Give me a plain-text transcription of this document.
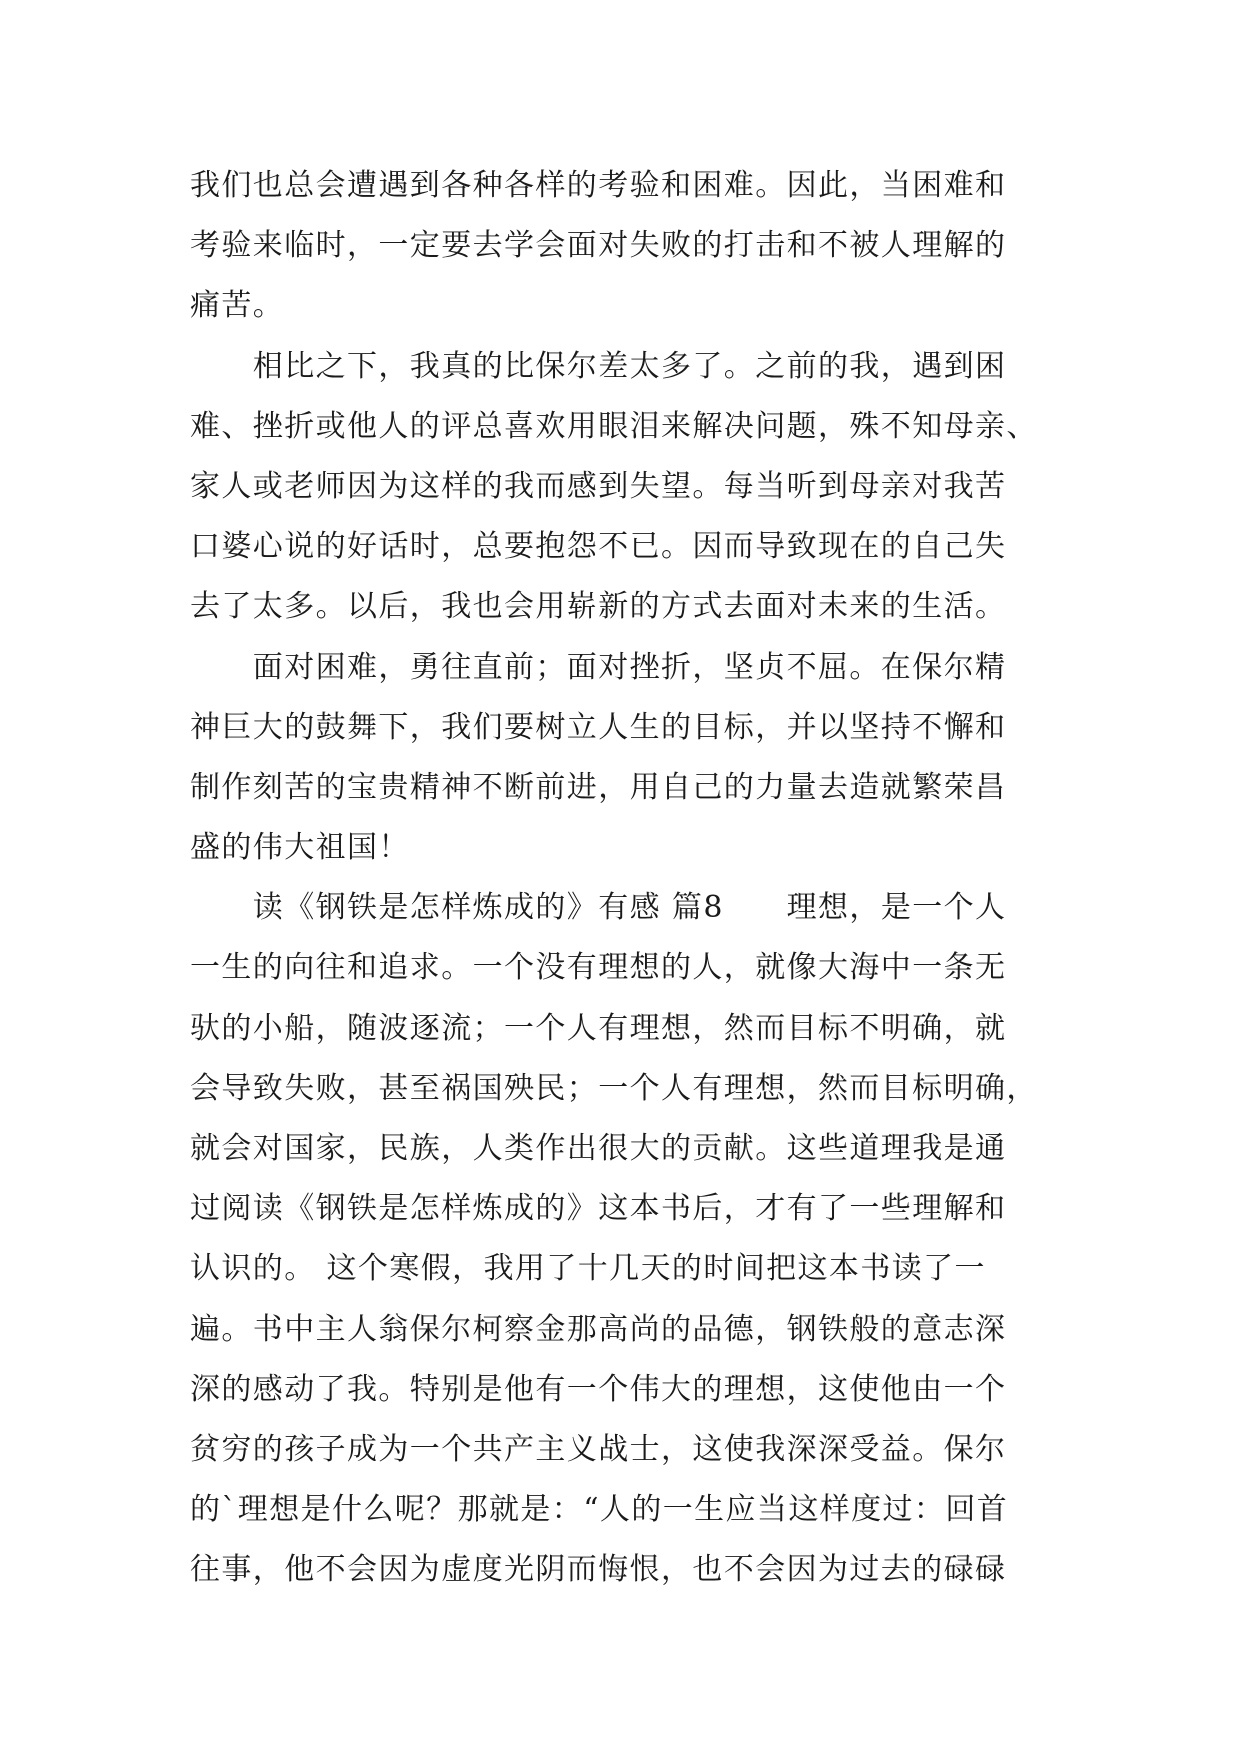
我们也总会遭遇到各种各样的考验和困难。因此，当困难和
考验来临时，一定要去学会面对失败的打击和不被人理解的
痛苦。
　　相比之下，我真的比保尔差太多了。之前的我，遇到困
难、挫折或他人的评总喜欢用眼泪来解决问题，殊不知母亲、
家人或老师因为这样的我而感到失望。每当听到母亲对我苦
口婆心说的好话时，总要抱怨不已。因而导致现在的自己失
去了太多。以后，我也会用崭新的方式去面对未来的生活。
　　面对困难，勇往直前；面对挫折，坚贞不屈。在保尔精
神巨大的鼓舞下，我们要树立人生的目标，并以坚持不懈和
制作刻苦的宝贵精神不断前进，用自己的力量去造就繁荣昌
盛的伟大祖国！
　　读《钢铁是怎样炼成的》有感 篇8　　理想，是一个人
一生的向往和追求。一个没有理想的人，就像大海中一条无
驮的小船，随波逐流；一个人有理想，然而目标不明确，就
会导致失败，甚至祸国殃民；一个人有理想，然而目标明确，
就会对国家，民族，人类作出很大的贡献。这些道理我是通
过阅读《钢铁是怎样炼成的》这本书后，才有了一些理解和
认识的。 这个寒假，我用了十几天的时间把这本书读了一
遍。书中主人翁保尔柯察金那高尚的品德，钢铁般的意志深
深的感动了我。特别是他有一个伟大的理想，这使他由一个
贫穷的孩子成为一个共产主义战士，这使我深深受益。保尔
的`理想是什么呢？那就是：“人的一生应当这样度过：回首
往事，他不会因为虚度光阴而悔恨，也不会因为过去的碌碌
